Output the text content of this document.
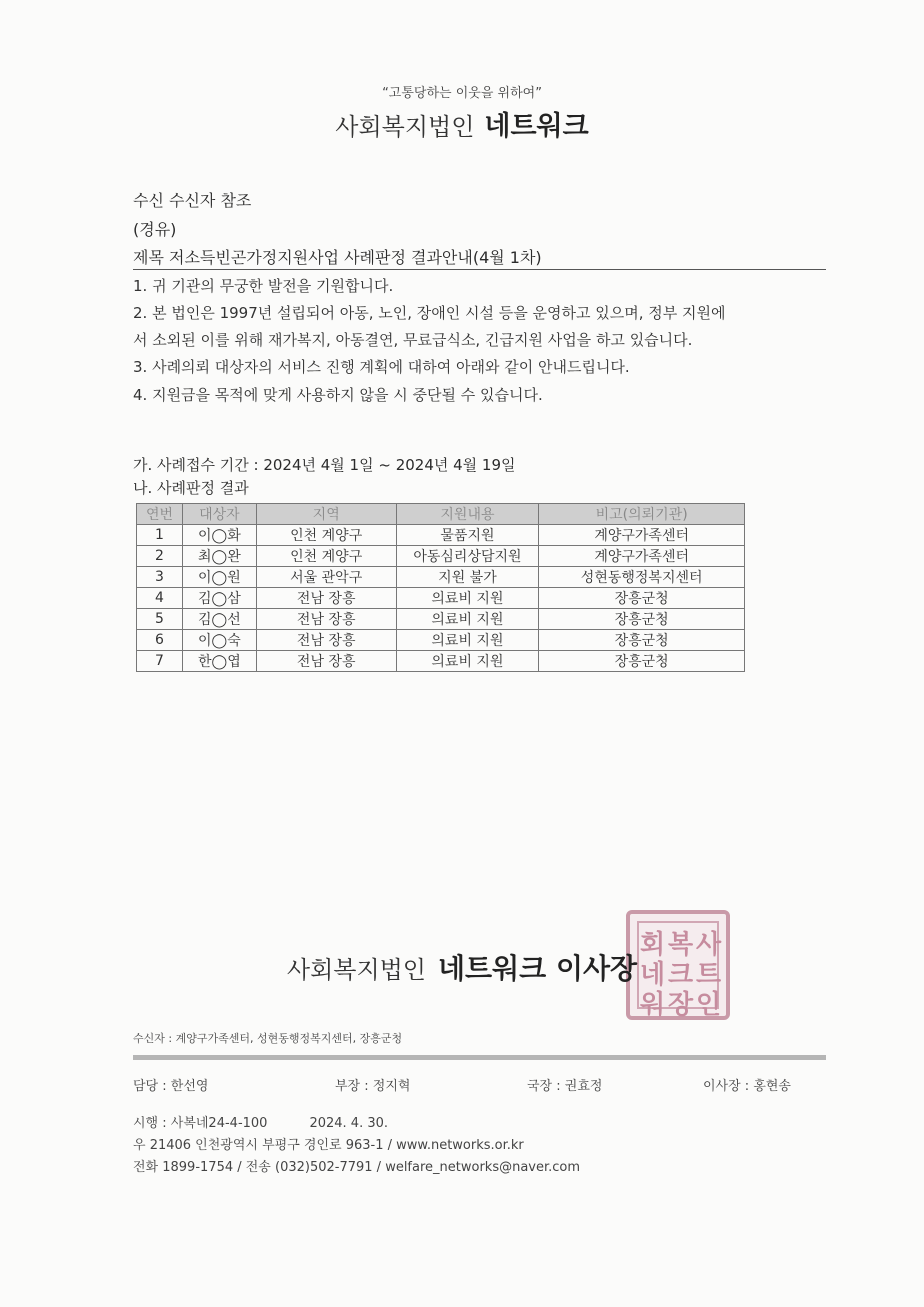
“고통당하는 이웃을 위하여”
사회복지법인 네트워크
수신 수신자 참조
(경유)
제목 저소득빈곤가정지원사업 사례판정 결과안내(4월 1차)
1. 귀 기관의 무궁한 발전을 기원합니다.
2. 본 법인은 1997년 설립되어 아동, 노인, 장애인 시설 등을 운영하고 있으며, 정부 지원에
서 소외된 이를 위해 재가복지, 아동결연, 무료급식소, 긴급지원 사업을 하고 있습니다.
3. 사례의뢰 대상자의 서비스 진행 계획에 대하여 아래와 같이 안내드립니다.
4. 지원금을 목적에 맞게 사용하지 않을 시 중단될 수 있습니다.
가. 사례접수 기간 : 2024년 4월 1일 ~ 2024년 4월 19일
나. 사례판정 결과
연번	대상자	지역	지원내용	비고(의뢰기관)
1	이◯화	인천 계양구	물품지원	계양구가족센터
2	최◯완	인천 계양구	아동심리상담지원	계양구가족센터
3	이◯원	서울 관악구	지원 불가	성현동행정복지센터
4	김◯삼	전남 장흥	의료비 지원	장흥군청
5	김◯선	전남 장흥	의료비 지원	장흥군청
6	이◯숙	전남 장흥	의료비 지원	장흥군청
7	한◯엽	전남 장흥	의료비 지원	장흥군청
회 복 사
네 크 트
워 장 인
사회복지법인 네트워크 이사장
수신자 : 계양구가족센터, 성현동행정복지센터, 장흥군청
담당 : 한선영	부장 : 정지혁	국장 : 권효정	이사장 : 홍현송
시행 : 사복네24-4-100	2024. 4. 30.
우 21406 인천광역시 부평구 경인로 963-1 / www.networks.or.kr
전화 1899-1754 / 전송 (032)502-7791 / welfare_networks@naver.com
